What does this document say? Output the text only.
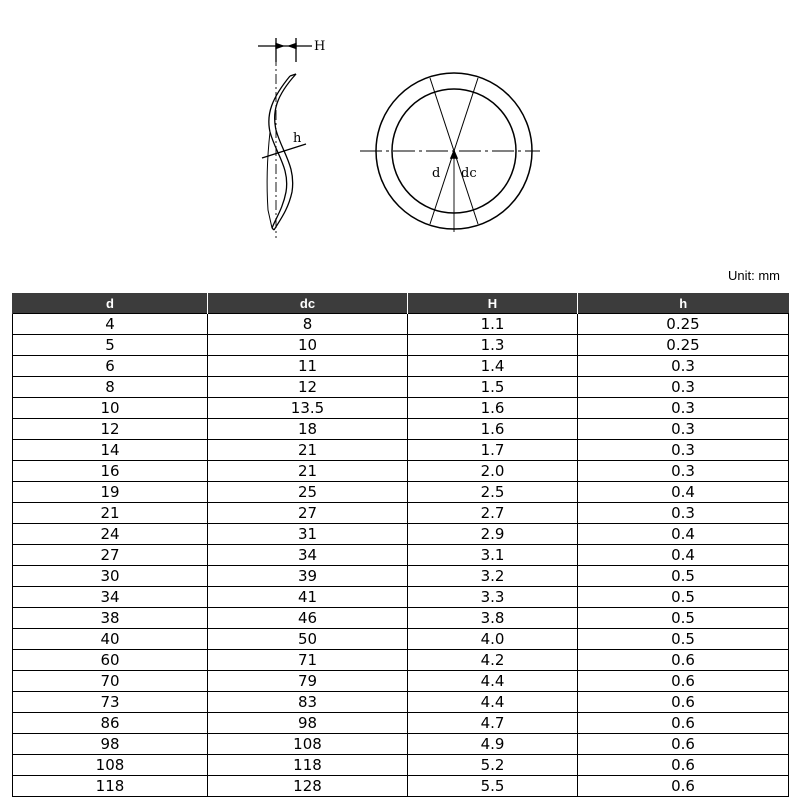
H
h
d dc
Unit: mm
d	dc	H	h
4	8	1.1	0.25
5	10	1.3	0.25
6	11	1.4	0.3
8	12	1.5	0.3
10	13.5	1.6	0.3
12	18	1.6	0.3
14	21	1.7	0.3
16	21	2.0	0.3
19	25	2.5	0.4
21	27	2.7	0.3
24	31	2.9	0.4
27	34	3.1	0.4
30	39	3.2	0.5
34	41	3.3	0.5
38	46	3.8	0.5
40	50	4.0	0.5
60	71	4.2	0.6
70	79	4.4	0.6
73	83	4.4	0.6
86	98	4.7	0.6
98	108	4.9	0.6
108	118	5.2	0.6
118	128	5.5	0.6
